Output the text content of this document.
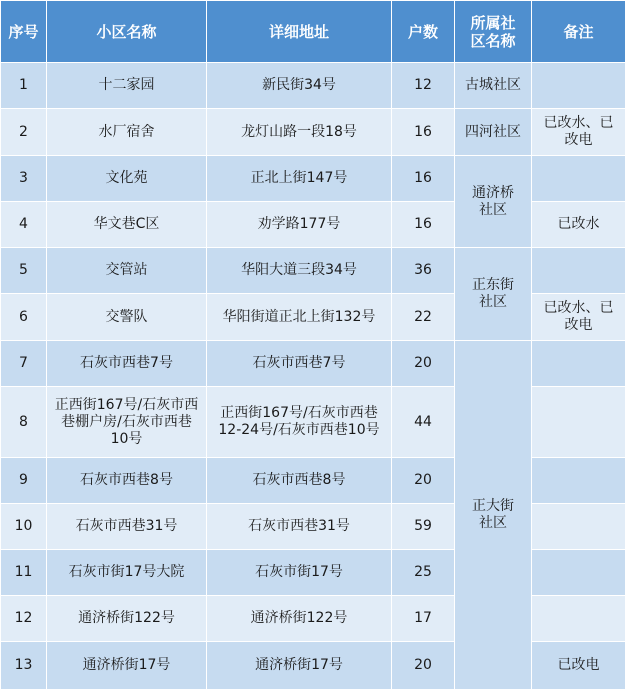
序号	小区名称	详细地址	户数	所属社区名称	备注
1	十二家园	新民街34号	12	古城社区	
2	水厂宿舍	龙灯山路一段18号	16	四河社区	已改水、已改电
3	文化苑	正北上街147号	16	通济桥社区	
4	华文巷C区	劝学路177号	16		已改水
5	交管站	华阳大道三段34号	36	正东街社区	
6	交警队	华阳街道正北上街132号	22		已改水、已改电
7	石灰市西巷7号	石灰市西巷7号	20	正大街社区	
8	正西街167号/石灰市西巷棚户房/石灰市西巷10号	正西街167号/石灰市西巷12-24号/石灰市西巷10号	44		
9	石灰市西巷8号	石灰市西巷8号	20		
10	石灰市西巷31号	石灰市西巷31号	59		
11	石灰市街17号大院	石灰市街17号	25		
12	通济桥街122号	通济桥街122号	17		
13	通济桥街17号	通济桥街17号	20		已改电
